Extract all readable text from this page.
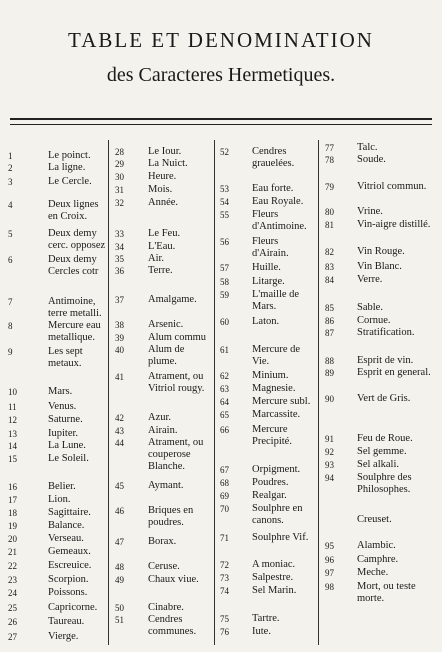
TABLE ET DENOMINATION
des Caracteres Hermetiques.
1	Le poinct.
2	La ligne.
3	Le Cercle.
4	Deux lignes en Croix.
5	Deux demy cerc. opposez
6	Deux demy Cercles cotr
7	Antimoine, terre metalli.
8	Mercure eau metallique.
9	Les sept metaux.
10	Mars.
11	Venus.
12	Saturne.
13	Iupiter.
14	La Lune.
15	Le Soleil.
16	Belier.
17	Lion.
18	Sagittaire.
19	Balance.
20	Verseau.
21	Gemeaux.
22	Escreuice.
23	Scorpion.
24	Poissons.
25	Capricorne.
26	Taureau.
27	Vierge.
28 Le Iour.
29 La Nuict.
30 Heure.
31 Mois.
32 Année.
33 Le Feu.
34 L'Eau.
35 Air.
36 Terre.
37 Amalgame.
38 Arsenic.
39 Alum commu
40 Alum de plume.
41 Atrament, ou Vitriol rougy.
42 Azur.
43 Airain.
44 Atrament, ou couperose Blanche.
45 Aymant.
46 Briques en poudres.
47 Borax.
48 Ceruse.
49 Chaux viue.
50 Cinabre.
51 Cendres communes.
52 Cendres grauelées.
53 Eau forte.
54 Eau Royale.
55 Fleurs d'Antimoine.
56 Fleurs d'Airain.
57 Huille.
58 Litarge.
59 L'maille de Mars.
60 Laton.
61 Mercure de Vie.
62 Minium.
63 Magnesie.
64 Mercure subl.
65 Marcassite.
66 Mercure Precipité.
67 Orpigment.
68 Poudres.
69 Realgar.
70 Soulphre en canons.
71 Soulphre Vif.
72 A moniac.
73 Salpestre.
74 Sel Marin.
75 Tartre.
76 Iute.
77 Talc.
78 Soude.
79 Vitriol commun.
80 Vrine.
81 Vin-aigre distillé.
82 Vin Rouge.
83 Vin Blanc.
84 Verre.
85 Sable.
86 Cornue.
87 Stratification.
88 Esprit de vin.
89 Esprit en general.
90 Vert de Gris.
91 Feu de Roue.
92 Sel gemme.
93 Sel alkali.
94 Soulphre des Philosophes.
Creuset.
95 Alambic.
96 Camphre.
97 Meche.
98 Mort, ou teste morte.
